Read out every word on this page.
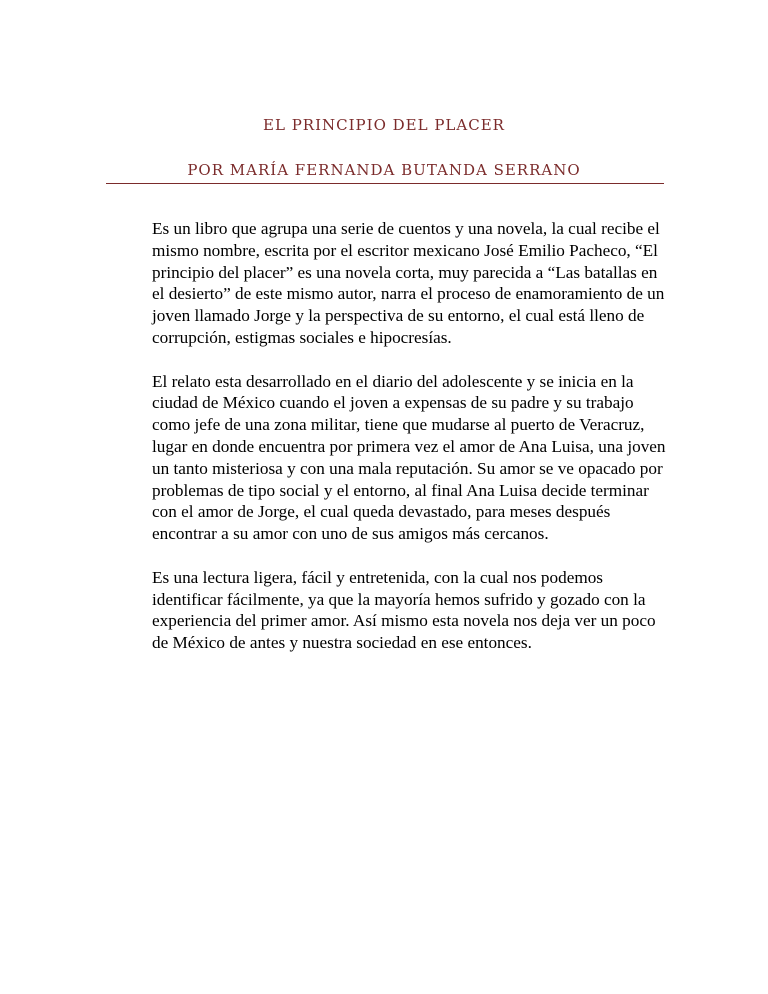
EL PRINCIPIO DEL PLACER
POR MARÍA FERNANDA BUTANDA SERRANO

Es un libro que agrupa una serie de cuentos y una novela, la cual recibe el mismo nombre, escrita por el escritor mexicano José Emilio Pacheco, “El principio del placer” es una novela corta, muy parecida a “Las batallas en el desierto” de este mismo autor, narra el proceso de enamoramiento de un joven llamado Jorge y la perspectiva de su entorno, el cual está lleno de corrupción, estigmas sociales e hipocresías.

El relato esta desarrollado en el diario del adolescente y se inicia en la ciudad de México cuando el joven a expensas de su padre y su trabajo como jefe de una zona militar, tiene que mudarse al puerto de Veracruz, lugar en donde encuentra por primera vez el amor de Ana Luisa, una joven un tanto misteriosa y con una mala reputación. Su amor se ve opacado por problemas de tipo social y el entorno, al final Ana Luisa decide terminar con el amor de Jorge, el cual queda devastado, para meses después encontrar a su amor con uno de sus amigos más cercanos.

Es una lectura ligera, fácil y entretenida, con la cual nos podemos identificar fácilmente, ya que la mayoría hemos sufrido y gozado con la experiencia del primer amor. Así mismo esta novela nos deja ver un poco de México de antes y nuestra sociedad en ese entonces.
